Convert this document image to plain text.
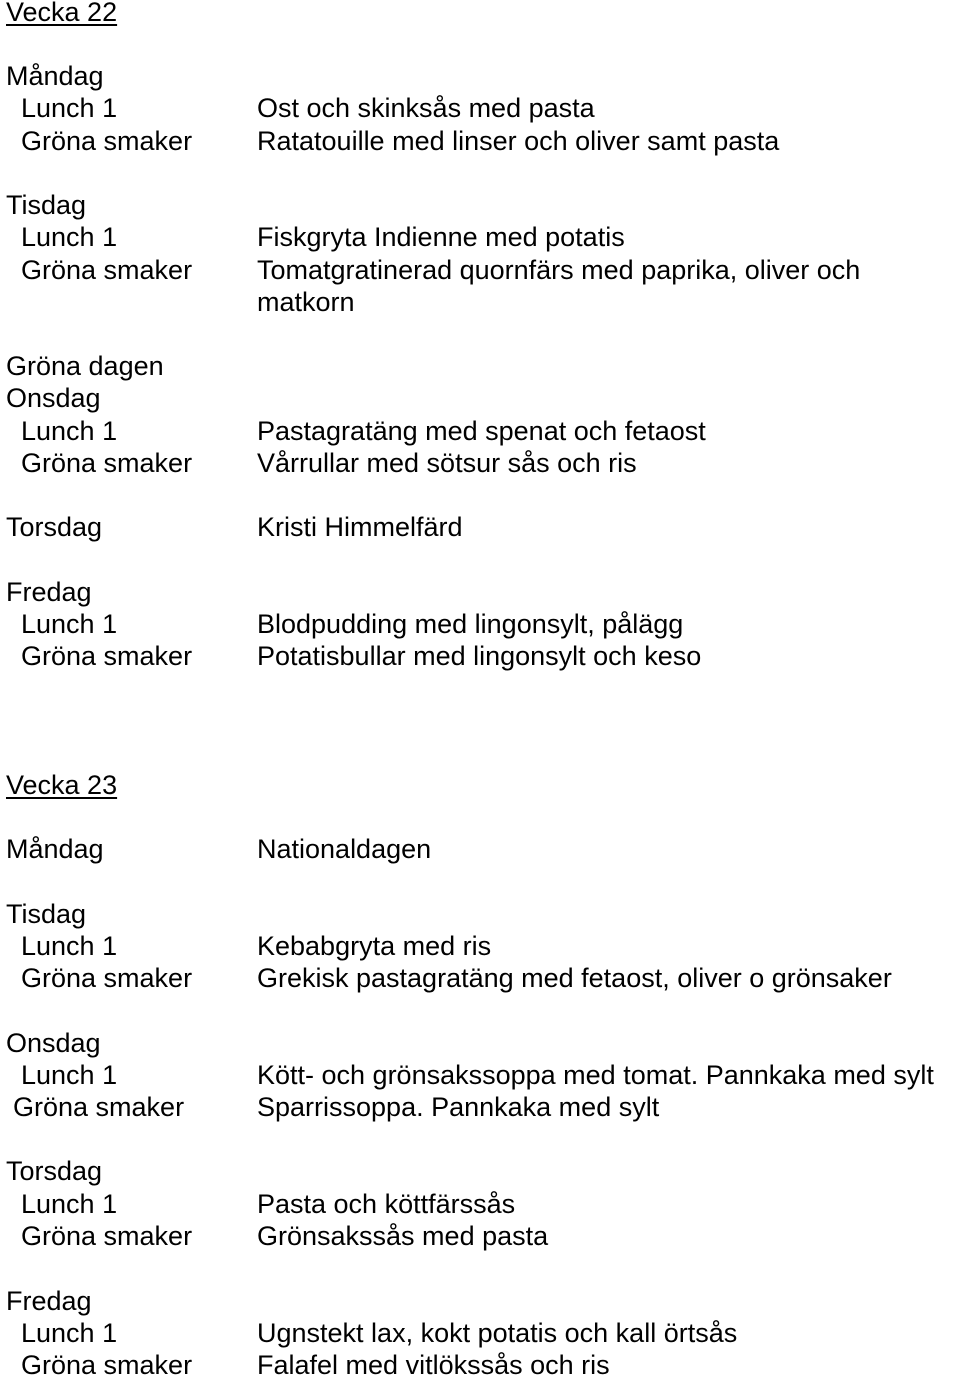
Vecka 22
Måndag
Lunch 1
Gröna smaker
Ost och skinksås med pasta
Ratatouille med linser och oliver samt pasta
Tisdag
Lunch 1
Gröna smaker
Fiskgryta Indienne med potatis
Tomatgratinerad quornfärs med paprika, oliver och
matkorn
Gröna dagen
Onsdag
Lunch 1
Gröna smaker
Pastagratäng med spenat och fetaost
Vårrullar med sötsur sås och ris
Torsdag	Kristi Himmelfärd
Fredag
Lunch 1
Gröna smaker
Blodpudding med lingonsylt, pålägg
Potatisbullar med lingonsylt och keso
Vecka 23
Måndag	Nationaldagen
Tisdag
Lunch 1
Gröna smaker
Kebabgryta med ris
Grekisk pastagratäng med fetaost, oliver o grönsaker
Onsdag
Lunch 1
Gröna smaker
Kött- och grönsakssoppa med tomat. Pannkaka med sylt
Sparrissoppa. Pannkaka med sylt
Torsdag
Lunch 1
Gröna smaker
Pasta och köttfärssås
Grönsakssås med pasta
Fredag
Lunch 1
Gröna smaker
Ugnstekt lax, kokt potatis och kall örtsås
Falafel med vitlökssås och ris
